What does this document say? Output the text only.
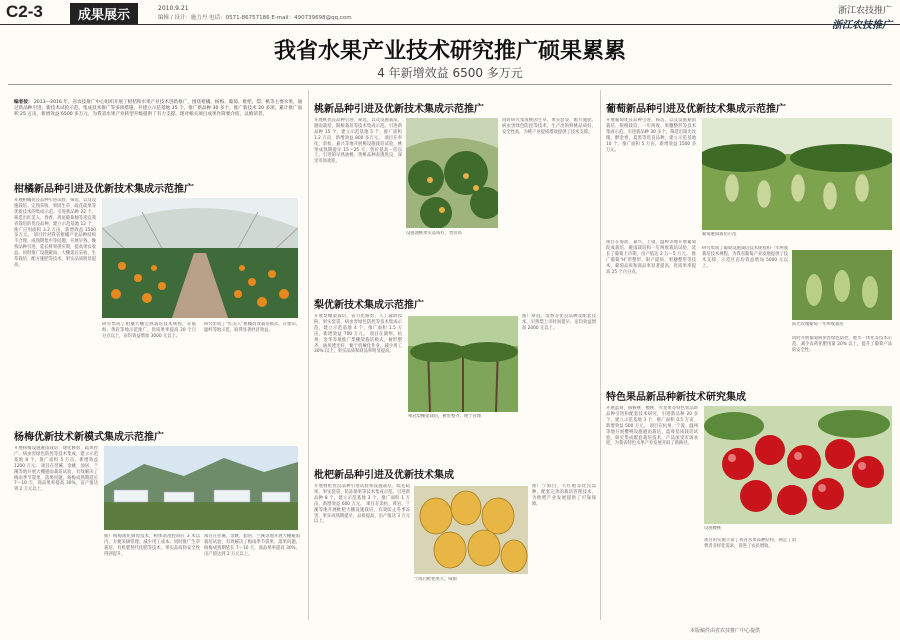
C2-3	成果展示	2010.9.21
编辑 / 设计：施力丹 电话：0571-86757186 E-mail：490739698@qq.com
浙江农技推广
浙江农技推广
我省水果产业技术研究推广硕果累累
4 年新增效益 6500 多万元
编者按： 2013—2016 年，省农技推广中心组织开展了柑桔和水果产业技术创新推广，围绕柑橘、杨梅、葡萄、枇杷、梨、桃等主要水果，通过新品种引进、新技术试验示范、集成技术推广等多项措施，共建立示范基地 35 个，推广新品种 30 多个，推广新技术 20 多项，累计推广面积 25 万亩，新增效益 6500 多万元，为我省水果产业转型升级提供了有力支撑。现对相关项目成果作简要介绍，以飨读者。
柑橘新品种引进及优新技术集成示范推广
开展柑橘优良品种引进试验、筛选，以及设施栽培、完熟采收、果园生草、疏花疏果等优新技术的集成示范。引进新品种 22 个，筛选出红美人、春香、鸡尾葡萄柚等适宜我省栽培的优良品种，建立示范基地 12 个，推广应用面积 3.2 万亩，新增效益 1500 多万元。 项目针对我省柑橘产业品种结构不合理、成熟期集中等问题，开展早熟、晚熟品种引进，延长鲜果供应期，提高果农收益。同时推广设施避雨、大棚延后采收、生草栽培、配方施肥等技术，果实品质明显提高。
研究集成了柑橘大棚完熟栽培技术规程，在临海、黄岩等地示范推广，优质果率提高 20 个百分点以上，亩均效益增加 3000 元以上。
研究形成了“红美人”柑橘高效栽培模式，在象山、温岭等地示范，取得显著经济效益。
杨梅优新技术新模式集成示范推广
开展杨梅设施避雨栽培、矮化修剪、疏果控产、病虫害绿色防控等技术集成，建立示范基地 8 个，推广面积 5 万亩，新增效益 1200 万元。 项目在慈溪、余姚、仙居、兰溪等地开展大棚避雨栽培试验，有效解决了梅雨季节裂果、落果问题，杨梅成熟期延长 7～10 天，商品果率提高 30%，亩产值达到 2 万元以上。
推广杨梅矮化修剪技术，树体高度控制在 3 米以内，方便采摘管理，减少用工成本。同时推广生草栽培、有机肥替代化肥等技术，果实品质和安全性得到提升。
项目在慈溪、余姚、仙居、兰溪等地开展大棚避雨栽培试验，有效解决了梅雨季节裂果、落果问题，杨梅成熟期延长 7～10 天，商品果率提高 30%，亩产值达到 2 万元以上。
桃新品种引进及优新技术集成示范推广
开展桃优良品种引进、筛选，以及设施栽培、避雨栽培、限根栽培等技术集成示范。引进新品种 15 个，建立示范基地 5 个，推广面积 1.2 万亩，新增效益 800 多万元。 项目在奉化、余杭、嘉兴等地开展桃设施栽培试验，桃果成熟期提早 15～25 天，售价提高一倍以上。引进的早熟油桃、黄桃品种表现优良，深受市场欢迎。
设施油桃果实品质好，售价高
同时研究集成桃园生草、果实套袋、配方施肥、病虫害绿色防控等技术，生产出的鲜桃品质好、安全性高，为桃产业提质增效提供了技术支撑。
梨优新技术集成示范推广
开展梨棚架栽培、省力化修剪、人工辅助授粉、果实套袋、病虫害绿色防控等技术集成示范，建立示范基地 4 个，推广面积 1.5 万亩，新增效益 700 万元。 项目在湖州、杭州、金华等地推广梨棚架栽培模式，树形整齐，通风透光好，便于机械化作业，减少用工 30% 以上，果实品质和商品率明显提高。
翠冠梨棚架栽培，树形整齐，便于管理
推广翠冠、清香等优良品种及配套技术，早熟梨上市时间提早，亩均效益增加 2000 元以上。
枇杷新品种引进及优新技术集成
开展枇杷优良品种引进试验和设施栽培、疏花疏果、果实套袋、防冻保果等技术集成示范。引进新品种 8 个，建立示范基地 3 个，推广面积 1 万亩，新增效益 600 万元。 项目在余杭、黄岩、兰溪等地开展枇杷大棚设施栽培，有效防止冬季冻害，果实成熟期提早，品质提高，亩产值达 3 万元以上。
宁海白枇杷果大、味甜
推广宁海白、大红袍等优良品种，配套完善的栽培管理技术，为枇杷产业发展提供了可靠保障。
葡萄新品种引进及优新技术集成示范推广
开展葡萄优良品种引进、筛选，以及设施避雨栽培、限根栽培、一年两收、果穗整形等技术集成示范。引进新品种 30 多个，筛选出阳光玫瑰、醉金香、夏黑等优良品种，建立示范基地 10 个，推广面积 5 万亩，新增效益 1500 多万元。
项目在海盐、嘉兴、上虞、温岭等地开展葡萄促成栽培、避雨栽培和一年两收栽培试验，延长了葡萄上市期，亩产值达 2 万～5 万元。 推广葡萄“H”形整形、限产提质、果穗整形等技术，葡萄品质和商品率显著提高，优质果率提高 25 个百分点。
葡萄避雨栽培示范
阳光玫瑰葡萄一年两收栽培
研究集成了葡萄设施栽培技术规程和一年两收栽培技术规程，为我省葡萄产业发展提供了技术支撑，示范区亩均效益增加 5000 元以上。
同时开展葡萄病虫害绿色防控、肥水一体化等技术示范，减少农药化肥用量 20% 以上，提升了葡萄产品的安全性。
特色果品新品种新技术研究集成
开展蓝莓、猕猴桃、樱桃、火龙果等特色果品新品种引进和配套技术研究，引进新品种 20 多个，建立示范基地 3 个，推广面积 0.5 万亩，新增效益 500 万元。 项目在杭州、宁波、温州等地开展樱桃设施避雨栽培、蓝莓基质栽培试验，研究集成配套栽培技术，产品深受市场欢迎，为我省特色水果产业发展开辟了新路径。
设施樱桃
项目的实施丰富了我省水果品种结构，满足了消费者多样化需求，促进了农民增收。
本版稿件由省农技推广中心提供
